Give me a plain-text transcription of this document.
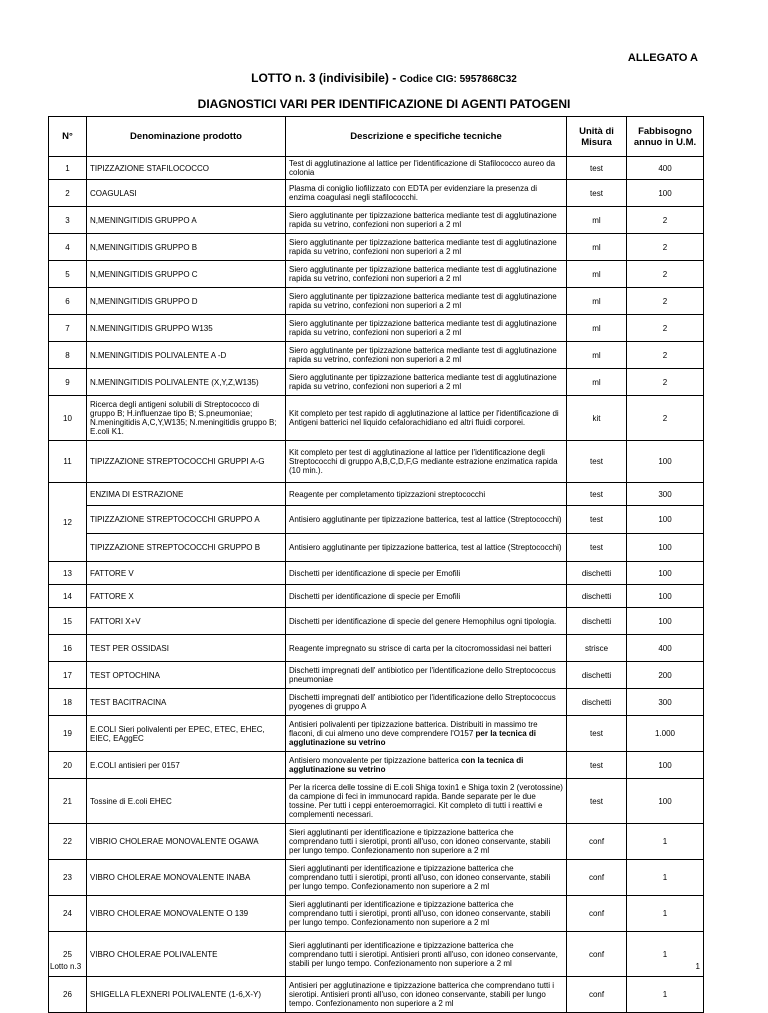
ALLEGATO A
LOTTO n. 3 (indivisibile) - Codice CIG: 5957868C32
DIAGNOSTICI VARI PER IDENTIFICAZIONE DI AGENTI PATOGENI
N°	Denominazione prodotto	Descrizione e specifiche tecniche	Unità di Misura	Fabbisogno annuo in U.M.
1	TIPIZZAZIONE STAFILOCOCCO	Test di agglutinazione al lattice per l'identificazione di Stafilococco aureo da colonia	test	400
2	COAGULASI	Plasma di coniglio liofilizzato con EDTA per evidenziare la presenza di enzima coagulasi negli stafilococchi.	test	100
3	N,MENINGITIDIS GRUPPO A	Siero agglutinante per tipizzazione batterica mediante test di agglutinazione rapida su vetrino, confezioni non superiori a 2 ml	ml	2
4	N,MENINGITIDIS GRUPPO B	Siero agglutinante per tipizzazione batterica mediante test di agglutinazione rapida su vetrino, confezioni non superiori a 2 ml	ml	2
5	N,MENINGITIDIS GRUPPO C	Siero agglutinante per tipizzazione batterica mediante test di agglutinazione rapida su vetrino, confezioni non superiori a 2 ml	ml	2
6	N,MENINGITIDIS GRUPPO D	Siero agglutinante per tipizzazione batterica mediante test di agglutinazione rapida su vetrino, confezioni non superiori a 2 ml	ml	2
7	N.MENINGITIDIS GRUPPO W135	Siero agglutinante per tipizzazione batterica mediante test di agglutinazione rapida su vetrino, confezioni non superiori a 2 ml	ml	2
8	N.MENINGITIDIS POLIVALENTE A -D	Siero agglutinante per tipizzazione batterica mediante test di agglutinazione rapida su vetrino, confezioni non superiori a 2 ml	ml	2
9	N.MENINGITIDIS POLIVALENTE (X,Y,Z,W135)	Siero agglutinante per tipizzazione batterica mediante test di agglutinazione rapida su vetrino, confezioni non superiori a 2 ml	ml	2
10	Ricerca degli antigeni solubili di Streptococco di gruppo B; H.influenzae tipo B; S.pneumoniae; N.meningitidis A,C,Y,W135; N.meningitidis gruppo B; E.coli K1.	Kit completo per test rapido di agglutinazione al lattice per l'identificazione di Antigeni batterici nel liquido cefalorachidiano ed altri fluidi corporei.	kit	2
11	TIPIZZAZIONE STREPTOCOCCHI GRUPPI A-G	Kit completo per test di agglutinazione al lattice per l'identificazione degli Streptococchi di gruppo A,B,C,D,F,G mediante estrazione enzimatica rapida (10 min.).	test	100
12	ENZIMA DI ESTRAZIONE	Reagente per completamento tipizzazioni streptococchi	test	300
	TIPIZZAZIONE STREPTOCOCCHI GRUPPO A	Antisiero agglutinante per tipizzazione batterica, test al lattice (Streptococchi)	test	100
	TIPIZZAZIONE STREPTOCOCCHI GRUPPO B	Antisiero agglutinante per tipizzazione batterica, test al lattice (Streptococchi)	test	100
13	FATTORE V	Dischetti per identificazione di specie per Emofili	dischetti	100
14	FATTORE X	Dischetti per identificazione di specie per Emofili	dischetti	100
15	FATTORI X+V	Dischetti per identificazione di specie del genere Hemophilus ogni tipologia.	dischetti	100
16	TEST PER OSSIDASI	Reagente impregnato su strisce di carta per la citocromossidasi nei batteri	strisce	400
17	TEST OPTOCHINA	Dischetti impregnati dell' antibiotico per l'identificazione dello Streptococcus pneumoniae	dischetti	200
18	TEST BACITRACINA	Dischetti impregnati dell' antibiotico per l'identificazione dello Streptococcus pyogenes di gruppo A	dischetti	300
19	E.COLI Sieri polivalenti per EPEC, ETEC, EHEC, EIEC, EAggEC	Antisieri polivalenti per tipizzazione batterica. Distribuiti in massimo tre flaconi, di cui almeno uno deve comprendere l'O157 per la tecnica di agglutinazione su vetrino	test	1.000
20	E.COLI antisieri per 0157	Antisiero monovalente per tipizzazione batterica con la tecnica di agglutinazione su vetrino	test	100
21	Tossine di E.coli EHEC	Per la ricerca delle tossine di E.coli Shiga toxin1 e Shiga toxin 2 (verotossine) da campione di feci in immunocard rapida. Bande separate per le due tossine. Per tutti i ceppi enteroemorragici. Kit completo di tutti i reattivi e complementi necessari.	test	100
22	VIBRIO CHOLERAE MONOVALENTE OGAWA	Sieri agglutinanti per identificazione e tipizzazione batterica che comprendano tutti i sierotipi, pronti all'uso, con idoneo conservante, stabili per lungo tempo. Confezionamento non superiore a 2 ml	conf	1
23	VIBRO CHOLERAE MONOVALENTE INABA	Sieri agglutinanti per identificazione e tipizzazione batterica che comprendano tutti i sierotipi, pronti all'uso, con idoneo conservante, stabili per lungo tempo. Confezionamento non superiore a 2 ml	conf	1
24	VIBRO CHOLERAE MONOVALENTE O 139	Sieri agglutinanti per identificazione e tipizzazione batterica che comprendano tutti i sierotipi, pronti all'uso, con idoneo conservante, stabili per lungo tempo. Confezionamento non superiore a 2 ml	conf	1
25	VIBRO CHOLERAE POLIVALENTE	Sieri agglutinanti per identificazione e tipizzazione batterica che comprendano tutti i sierotipi. Antisieri pronti all'uso, con idoneo conservante, stabili per lungo tempo. Confezionamento non superiore a 2 ml	conf	1
26	SHIGELLA FLEXNERI POLIVALENTE (1-6,X-Y)	Antisieri per agglutinazione e tipizzazione batterica che comprendano tutti i sierotipi. Antisieri pronti all'uso, con idoneo conservante, stabili per lungo tempo. Confezionamento non superiore a 2 ml	conf	1
Lotto n.3	1
